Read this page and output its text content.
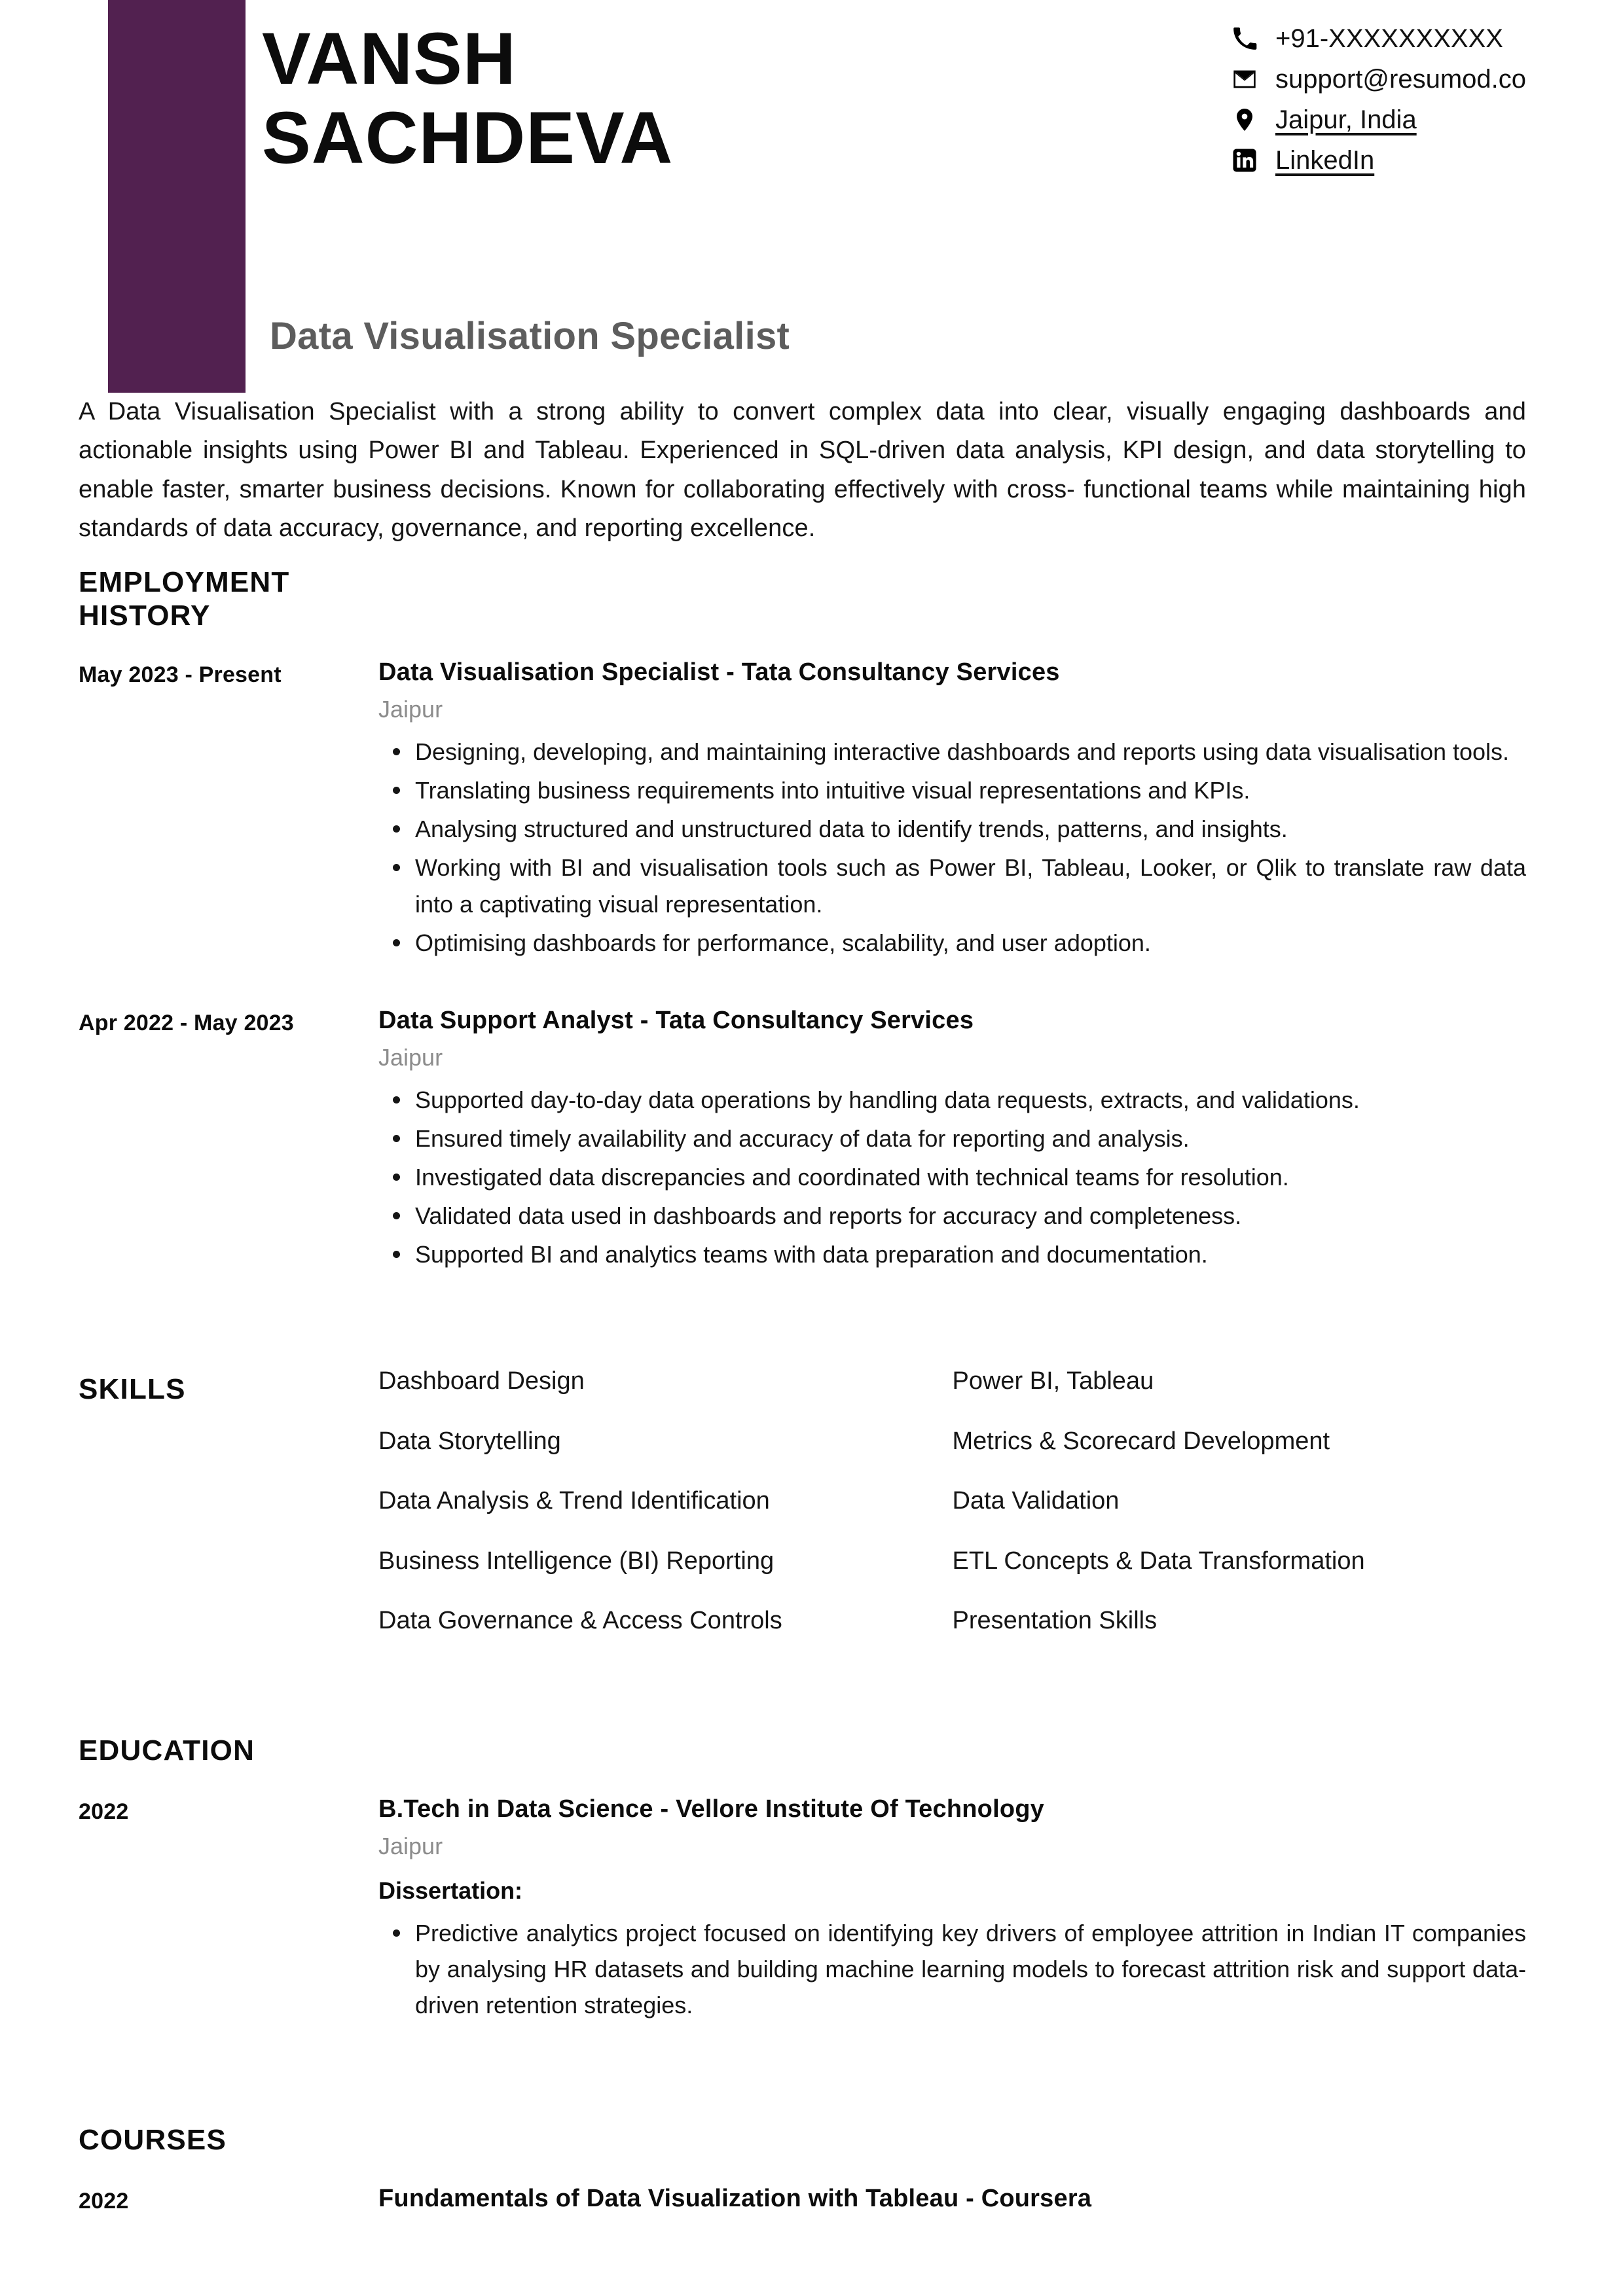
VANSH
SACHDEVA
Data Visualisation Specialist
+91-XXXXXXXXXX
support@resumod.co
Jaipur, India
LinkedIn

A Data Visualisation Specialist with a strong ability to convert complex data into clear, visually engaging dashboards and actionable insights using Power BI and Tableau. Experienced in SQL-driven data analysis, KPI design, and data storytelling to enable faster, smarter business decisions. Known for collaborating effectively with cross- functional teams while maintaining high standards of data accuracy, governance, and reporting excellence.

EMPLOYMENT
HISTORY
May 2023 - Present	Data Visualisation Specialist - Tata Consultancy Services
Jaipur
Designing, developing, and maintaining interactive dashboards and reports using data visualisation tools.
Translating business requirements into intuitive visual representations and KPIs.
Analysing structured and unstructured data to identify trends, patterns, and insights.
Working with BI and visualisation tools such as Power BI, Tableau, Looker, or Qlik to translate raw data into a captivating visual representation.
Optimising dashboards for performance, scalability, and user adoption.
Apr 2022 - May 2023	Data Support Analyst - Tata Consultancy Services
Jaipur
Supported day-to-day data operations by handling data requests, extracts, and validations.
Ensured timely availability and accuracy of data for reporting and analysis.
Investigated data discrepancies and coordinated with technical teams for resolution.
Validated data used in dashboards and reports for accuracy and completeness.
Supported BI and analytics teams with data preparation and documentation.
SKILLS	Dashboard Design	Power BI, Tableau
Data Storytelling	Metrics & Scorecard Development
Data Analysis & Trend Identification	Data Validation
Business Intelligence (BI) Reporting	ETL Concepts & Data Transformation
Data Governance & Access Controls	Presentation Skills
EDUCATION
2022	B.Tech in Data Science - Vellore Institute Of Technology
Jaipur
Dissertation:
Predictive analytics project focused on identifying key drivers of employee attrition in Indian IT companies by analysing HR datasets and building machine learning models to forecast attrition risk and support data-driven retention strategies.
COURSES
2022	Fundamentals of Data Visualization with Tableau - Coursera
